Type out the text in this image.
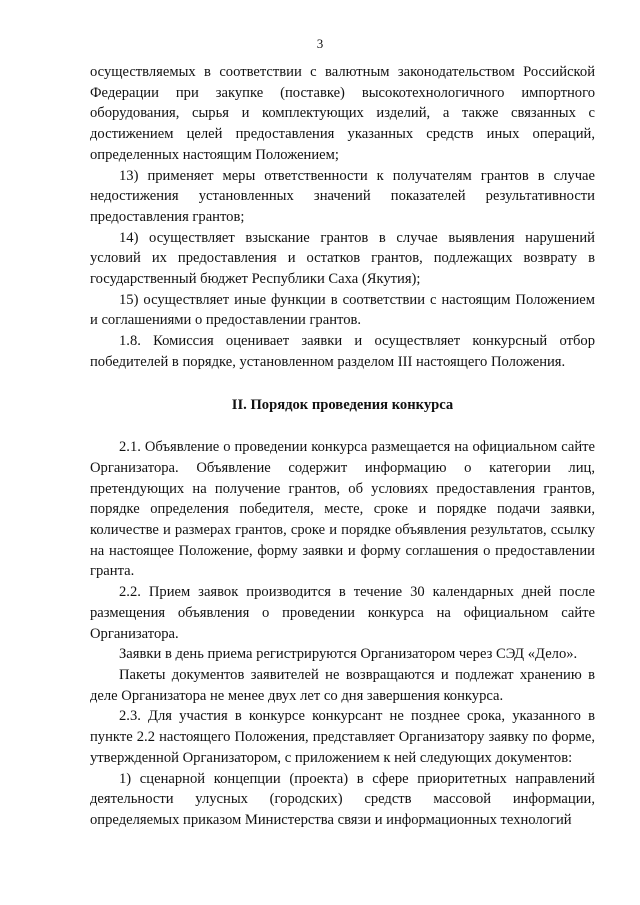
3

осуществляемых в соответствии с валютным законодательством Российской Федерации при закупке (поставке) высокотехнологичного импортного оборудования, сырья и комплектующих изделий, а также связанных с достижением целей предоставления указанных средств иных операций, определенных настоящим Положением;

13) применяет меры ответственности к получателям грантов в случае недостижения установленных значений показателей результативности предоставления грантов;

14) осуществляет взыскание грантов в случае выявления нарушений условий их предоставления и остатков грантов, подлежащих возврату в государственный бюджет Республики Саха (Якутия);

15) осуществляет иные функции в соответствии с настоящим Положением и соглашениями о предоставлении грантов.

1.8. Комиссия оценивает заявки и осуществляет конкурсный отбор победителей в порядке, установленном разделом III настоящего Положения.

II. Порядок проведения конкурса

2.1. Объявление о проведении конкурса размещается на официальном сайте Организатора. Объявление содержит информацию о категории лиц, претендующих на получение грантов, об условиях предоставления грантов, порядке определения победителя, месте, сроке и порядке подачи заявки, количестве и размерах грантов, сроке и порядке объявления результатов, ссылку на настоящее Положение, форму заявки и форму соглашения о предоставлении гранта.

2.2. Прием заявок производится в течение 30 календарных дней после размещения объявления о проведении конкурса на официальном сайте Организатора.

Заявки в день приема регистрируются Организатором через СЭД «Дело».

Пакеты документов заявителей не возвращаются и подлежат хранению в деле Организатора не менее двух лет со дня завершения конкурса.

2.3. Для участия в конкурсе конкурсант не позднее срока, указанного в пункте 2.2 настоящего Положения, представляет Организатору заявку по форме, утвержденной Организатором, с приложением к ней следующих документов:

1) сценарной концепции (проекта) в сфере приоритетных направлений деятельности улусных (городских) средств массовой информации, определяемых приказом Министерства связи и информационных технологий
